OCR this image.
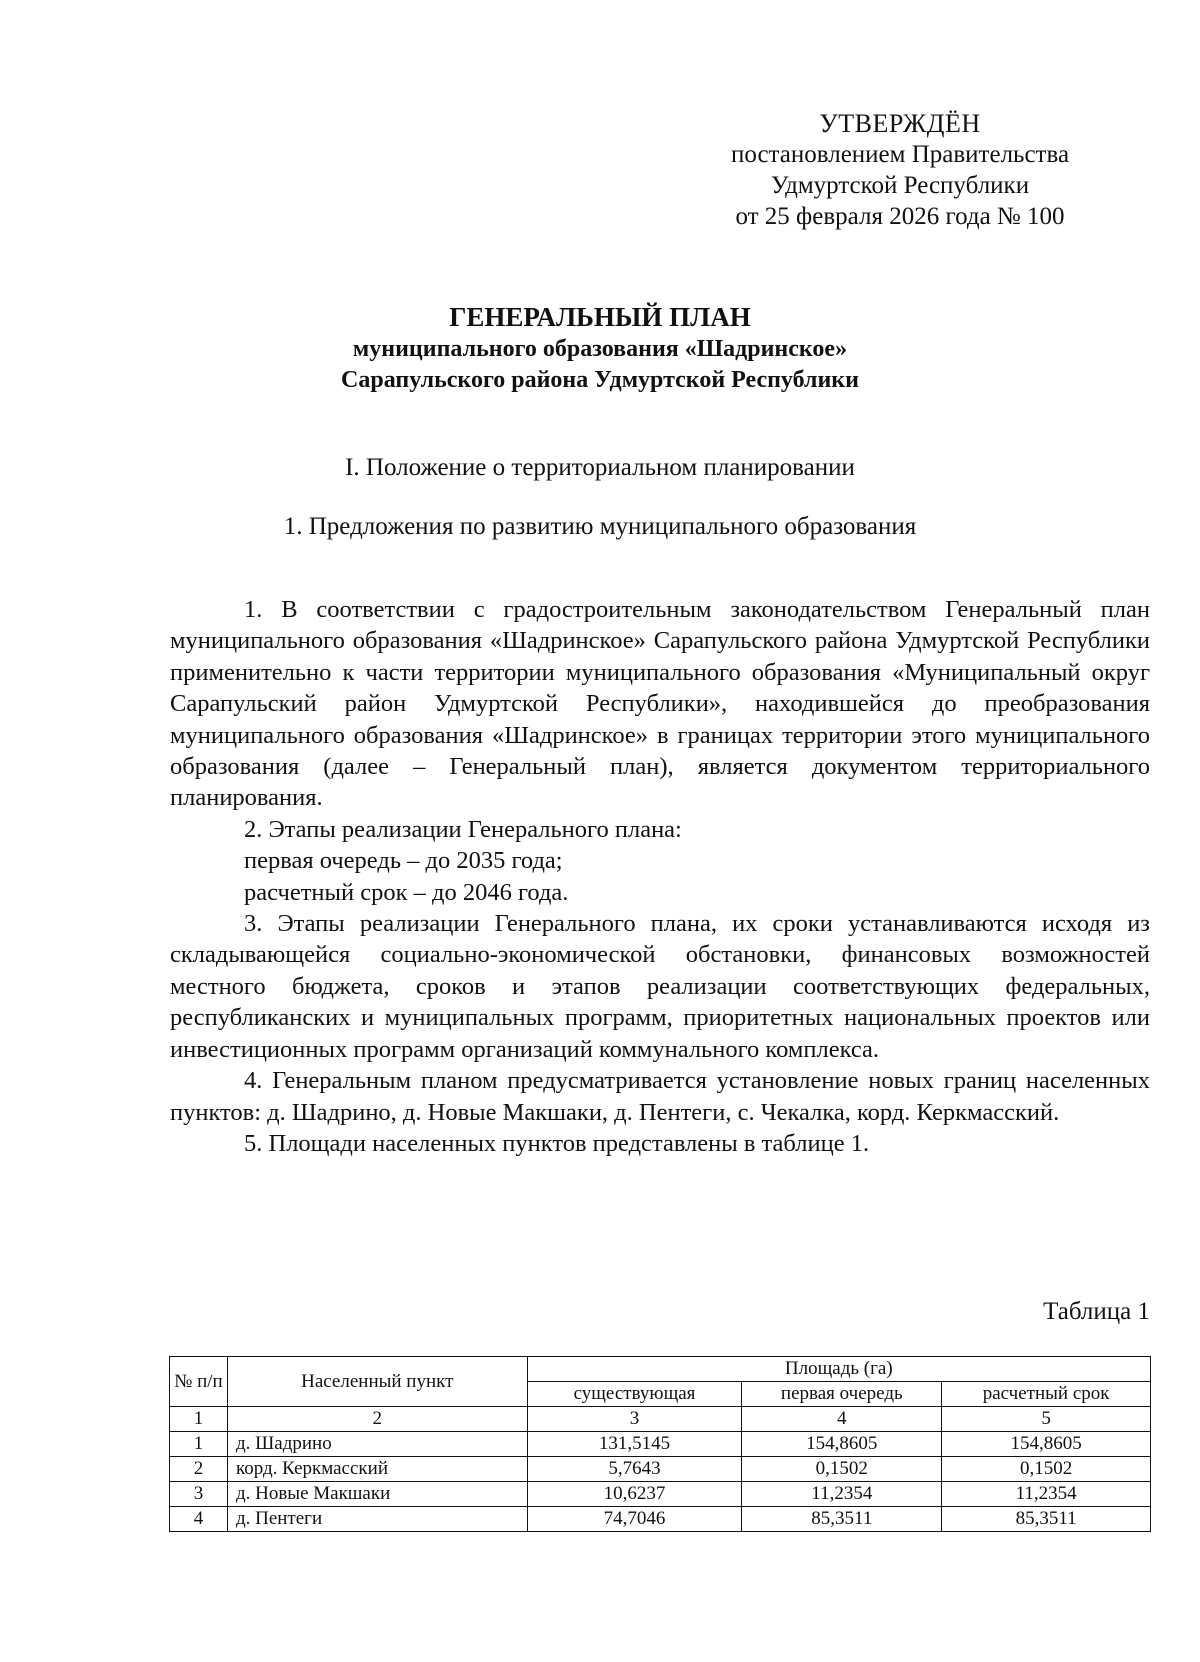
УТВЕРЖДЁН
постановлением Правительства
Удмуртской Республики
от 25 февраля 2026 года № 100
ГЕНЕРАЛЬНЫЙ ПЛАН
муниципального образования «Шадринское»
Сарапульского района Удмуртской Республики
I. Положение о территориальном планировании
1. Предложения по развитию муниципального образования

1. В соответствии с градостроительным законодательством Генеральный план муниципального образования «Шадринское» Сарапульского района Удмуртской Республики применительно к части территории муниципального образования «Муниципальный округ Сарапульский район Удмуртской Республики», находившейся до преобразования муниципального образования «Шадринское» в границах территории этого муниципального образования (далее – Генеральный план), является документом территориального планирования.

2. Этапы реализации Генерального плана:

первая очередь – до 2035 года;

расчетный срок – до 2046 года.

3. Этапы реализации Генерального плана, их сроки устанавливаются исходя из складывающейся социально-экономической обстановки, финансовых возможностей местного бюджета, сроков и этапов реализации соответствующих федеральных, республиканских и муниципальных программ, приоритетных национальных проектов или инвестиционных программ организаций коммунального комплекса.

4. Генеральным планом предусматривается установление новых границ населенных пунктов: д. Шадрино, д. Новые Макшаки, д. Пентеги, с. Чекалка, корд. Керкмасский.

5. Площади населенных пунктов представлены в таблице 1.

Таблица 1
№ п/п	Населенный пункт	Площадь (га)		
		существующая	первая очередь	расчетный срок
1	2	3	4	5
1	д. Шадрино	131,5145	154,8605	154,8605
2	корд. Керкмасский	5,7643	0,1502	0,1502
3	д. Новые Макшаки	10,6237	11,2354	11,2354
4	д. Пентеги	74,7046	85,3511	85,3511
